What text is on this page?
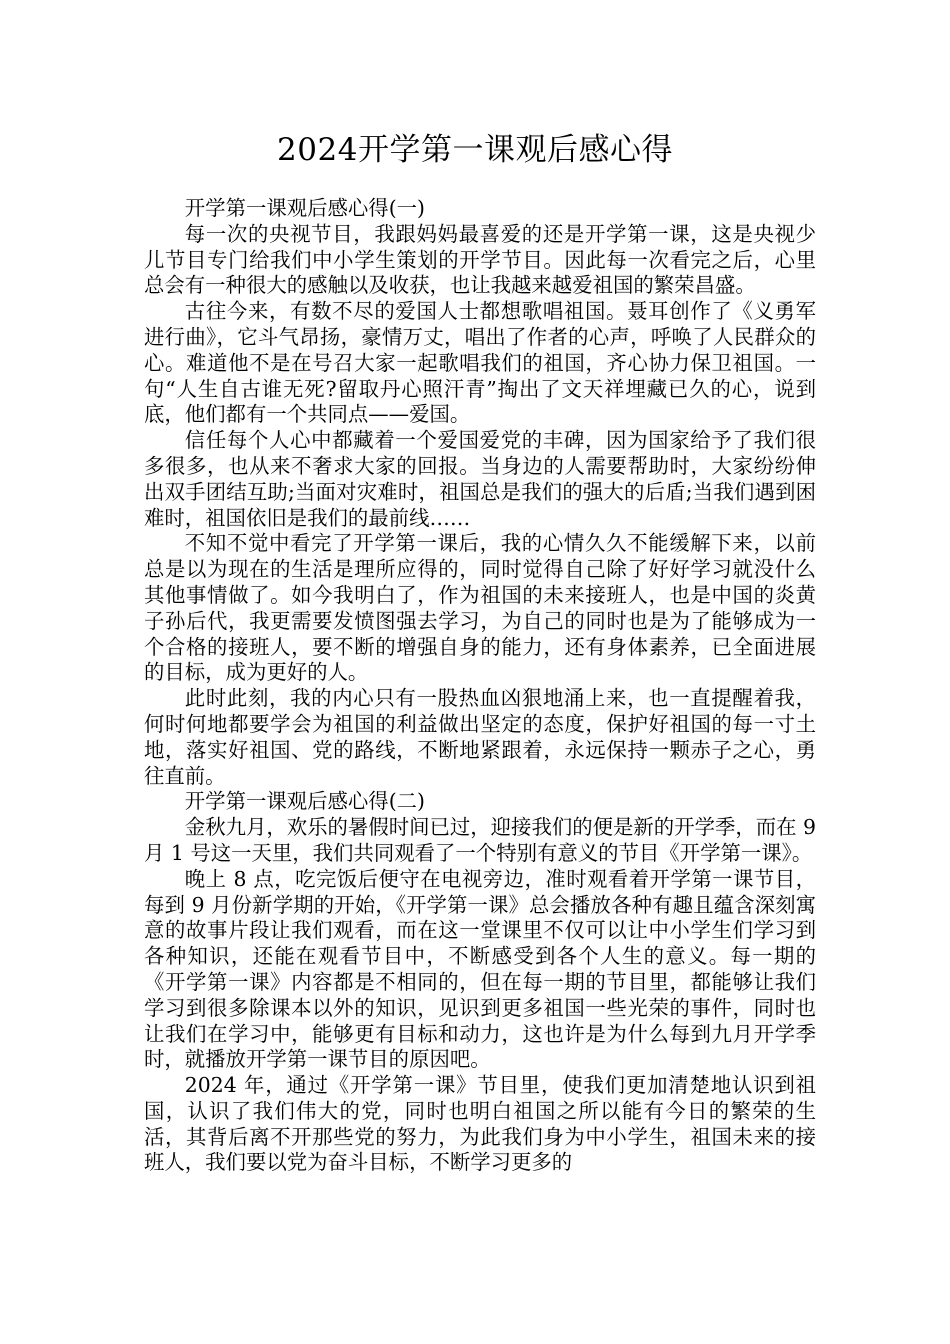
2024开学第一课观后感心得

开学第一课观后感心得(一)

每一次的央视节目，我跟妈妈最喜爱的还是开学第一课，这是央视少儿节目专门给我们中小学生策划的开学节目。因此每一次看完之后，心里总会有一种很大的感触以及收获，也让我越来越爱祖国的繁荣昌盛。

古往今来，有数不尽的爱国人士都想歌唱祖国。聂耳创作了《义勇军进行曲》，它斗气昂扬，豪情万丈，唱出了作者的心声，呼唤了人民群众的心。难道他不是在号召大家一起歌唱我们的祖国，齐心协力保卫祖国。一句“人生自古谁无死?留取丹心照汗青”掏出了文天祥埋藏已久的心，说到底，他们都有一个共同点——爱国。

信任每个人心中都藏着一个爱国爱党的丰碑，因为国家给予了我们很多很多，也从来不奢求大家的回报。当身边的人需要帮助时，大家纷纷伸出双手团结互助;当面对灾难时，祖国总是我们的强大的后盾;当我们遇到困难时，祖国依旧是我们的最前线……

不知不觉中看完了开学第一课后，我的心情久久不能缓解下来，以前总是以为现在的生活是理所应得的，同时觉得自己除了好好学习就没什么其他事情做了。如今我明白了，作为祖国的未来接班人，也是中国的炎黄子孙后代，我更需要发愤图强去学习，为自己的同时也是为了能够成为一个合格的接班人，要不断的增强自身的能力，还有身体素养，已全面进展的目标，成为更好的人。

此时此刻，我的内心只有一股热血凶狠地涌上来，也一直提醒着我，何时何地都要学会为祖国的利益做出坚定的态度，保护好祖国的每一寸土地，落实好祖国、党的路线，不断地紧跟着，永远保持一颗赤子之心，勇往直前。

开学第一课观后感心得(二)

金秋九月，欢乐的暑假时间已过，迎接我们的便是新的开学季，而在 9 月 1 号这一天里，我们共同观看了一个特别有意义的节目《开学第一课》。

晚上 8 点，吃完饭后便守在电视旁边，准时观看着开学第一课节目，每到 9 月份新学期的开始，《开学第一课》总会播放各种有趣且蕴含深刻寓意的故事片段让我们观看，而在这一堂课里不仅可以让中小学生们学习到各种知识，还能在观看节目中，不断感受到各个人生的意义。每一期的《开学第一课》内容都是不相同的，但在每一期的节目里，都能够让我们学习到很多除课本以外的知识，见识到更多祖国一些光荣的事件，同时也让我们在学习中，能够更有目标和动力，这也许是为什么每到九月开学季时，就播放开学第一课节目的原因吧。

2024 年，通过《开学第一课》节目里，使我们更加清楚地认识到祖国，认识了我们伟大的党，同时也明白祖国之所以能有今日的繁荣的生活，其背后离不开那些党的努力，为此我们身为中小学生，祖国未来的接班人，我们要以党为奋斗目标，不断学习更多的
